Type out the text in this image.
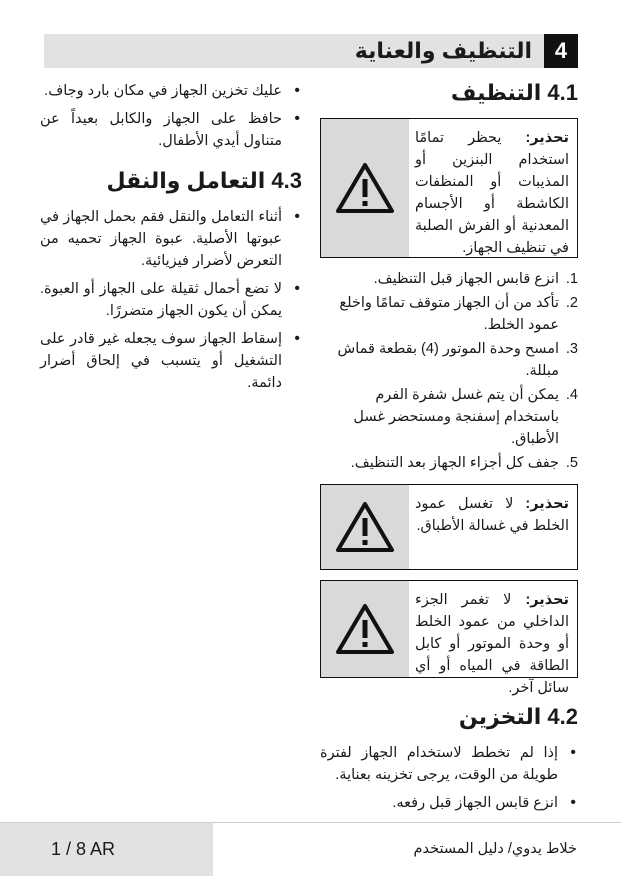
4
التنظيف والعناية
4.1 التنظيف
تحذير: يحظر تمامًا استخدام البنزين أو المذيبات أو المنظفات الكاشطة أو الأجسام المعدنية أو الفرش الصلبة في تنظيف الجهاز.
1.
انزع قابس الجهاز قبل التنظيف.
2.
تأكد من أن الجهاز متوقف تمامًا واخلع عمود الخلط.
3.
امسح وحدة الموتور (4) بقطعة قماش مبللة.
4.
يمكن أن يتم غسل شفرة الفرم باستخدام إسفنجة ومستحضر غسل الأطباق.
5.
جفف كل أجزاء الجهاز بعد التنظيف.
تحذير: لا تغسل عمود الخلط في غسالة الأطباق.
تحذير: لا تغمر الجزء الداخلي من عمود الخلط أو وحدة الموتور أو كابل الطاقة في المياه أو أي سائل آخر.
4.2 التخزين
• إذا لم تخطط لاستخدام الجهاز لفترة طويلة من الوقت، يرجى تخزينه بعناية.
• انزع قابس الجهاز قبل رفعه.
• عليك تخزين الجهاز في مكان بارد وجاف.
• حافظ على الجهاز والكابل بعيداً عن متناول أيدي الأطفال.
4.3 التعامل والنقل
• أثناء التعامل والنقل فقم بحمل الجهاز في عبوتها الأصلية. عبوة الجهاز تحميه من التعرض لأضرار فيزيائية.
• لا تضع أحمال ثقيلة على الجهاز أو العبوة. يمكن أن يكون الجهاز متضررًا.
• إسقاط الجهاز سوف يجعله غير قادر على التشغيل أو يتسبب في إلحاق أضرار دائمة.
1 / 8 AR	خلاط يدوي/ دليل المستخدم
